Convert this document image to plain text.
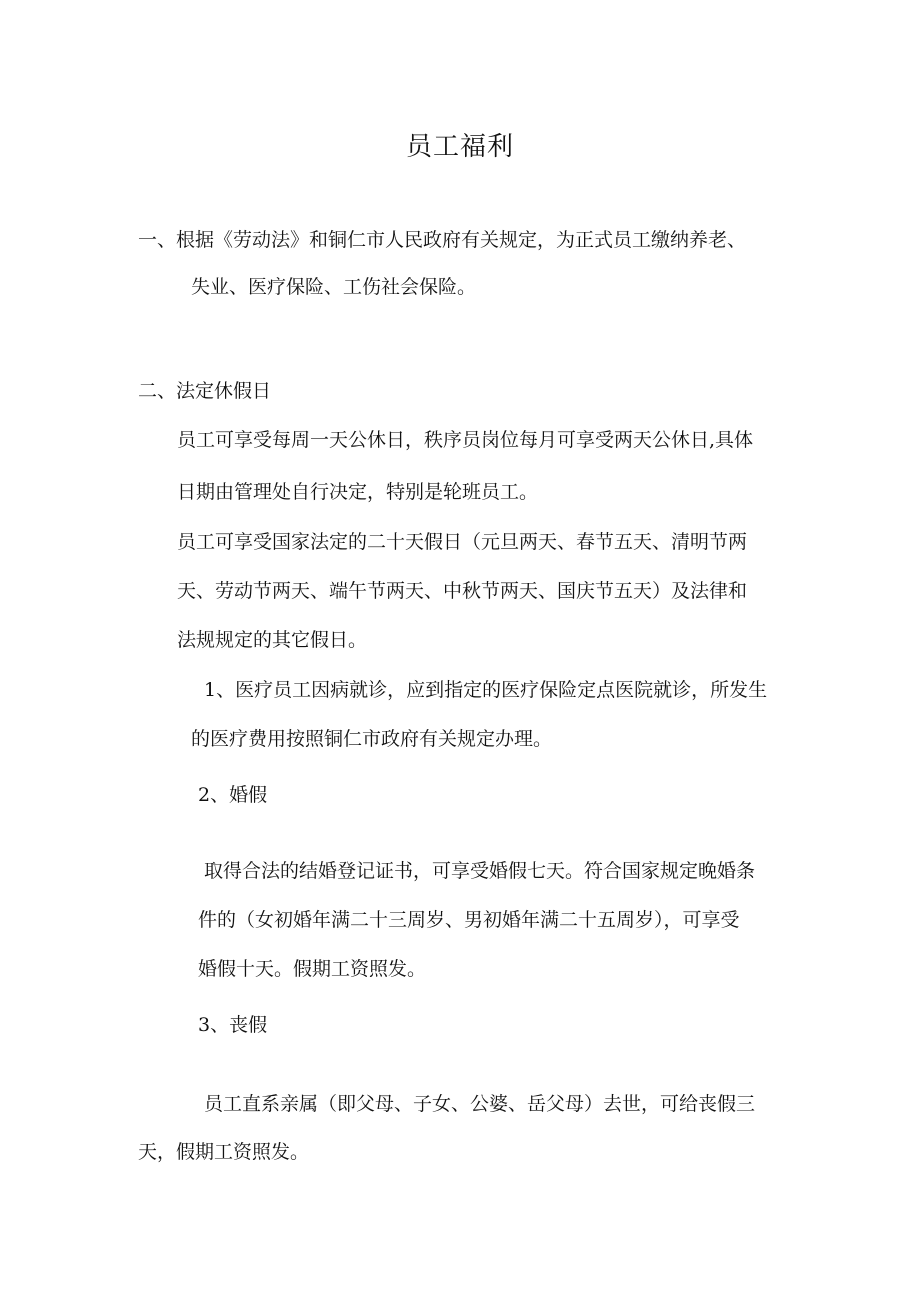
员工福利
一、根据《劳动法》和铜仁市人民政府有关规定，为正式员工缴纳养老、
失业、医疗保险、工伤社会保险。
二、法定休假日
员工可享受每周一天公休日，秩序员岗位每月可享受两天公休日,具体
日期由管理处自行决定，特别是轮班员工。
员工可享受国家法定的二十天假日（元旦两天、春节五天、清明节两
天、劳动节两天、端午节两天、中秋节两天、国庆节五天）及法律和
法规规定的其它假日。
1、医疗员工因病就诊，应到指定的医疗保险定点医院就诊，所发生
的医疗费用按照铜仁市政府有关规定办理。
2、婚假
取得合法的结婚登记证书，可享受婚假七天。符合国家规定晚婚条
件的（女初婚年满二十三周岁、男初婚年满二十五周岁），可享受
婚假十天。假期工资照发。
3、丧假
员工直系亲属（即父母、子女、公婆、岳父母）去世，可给丧假三
天，假期工资照发。
